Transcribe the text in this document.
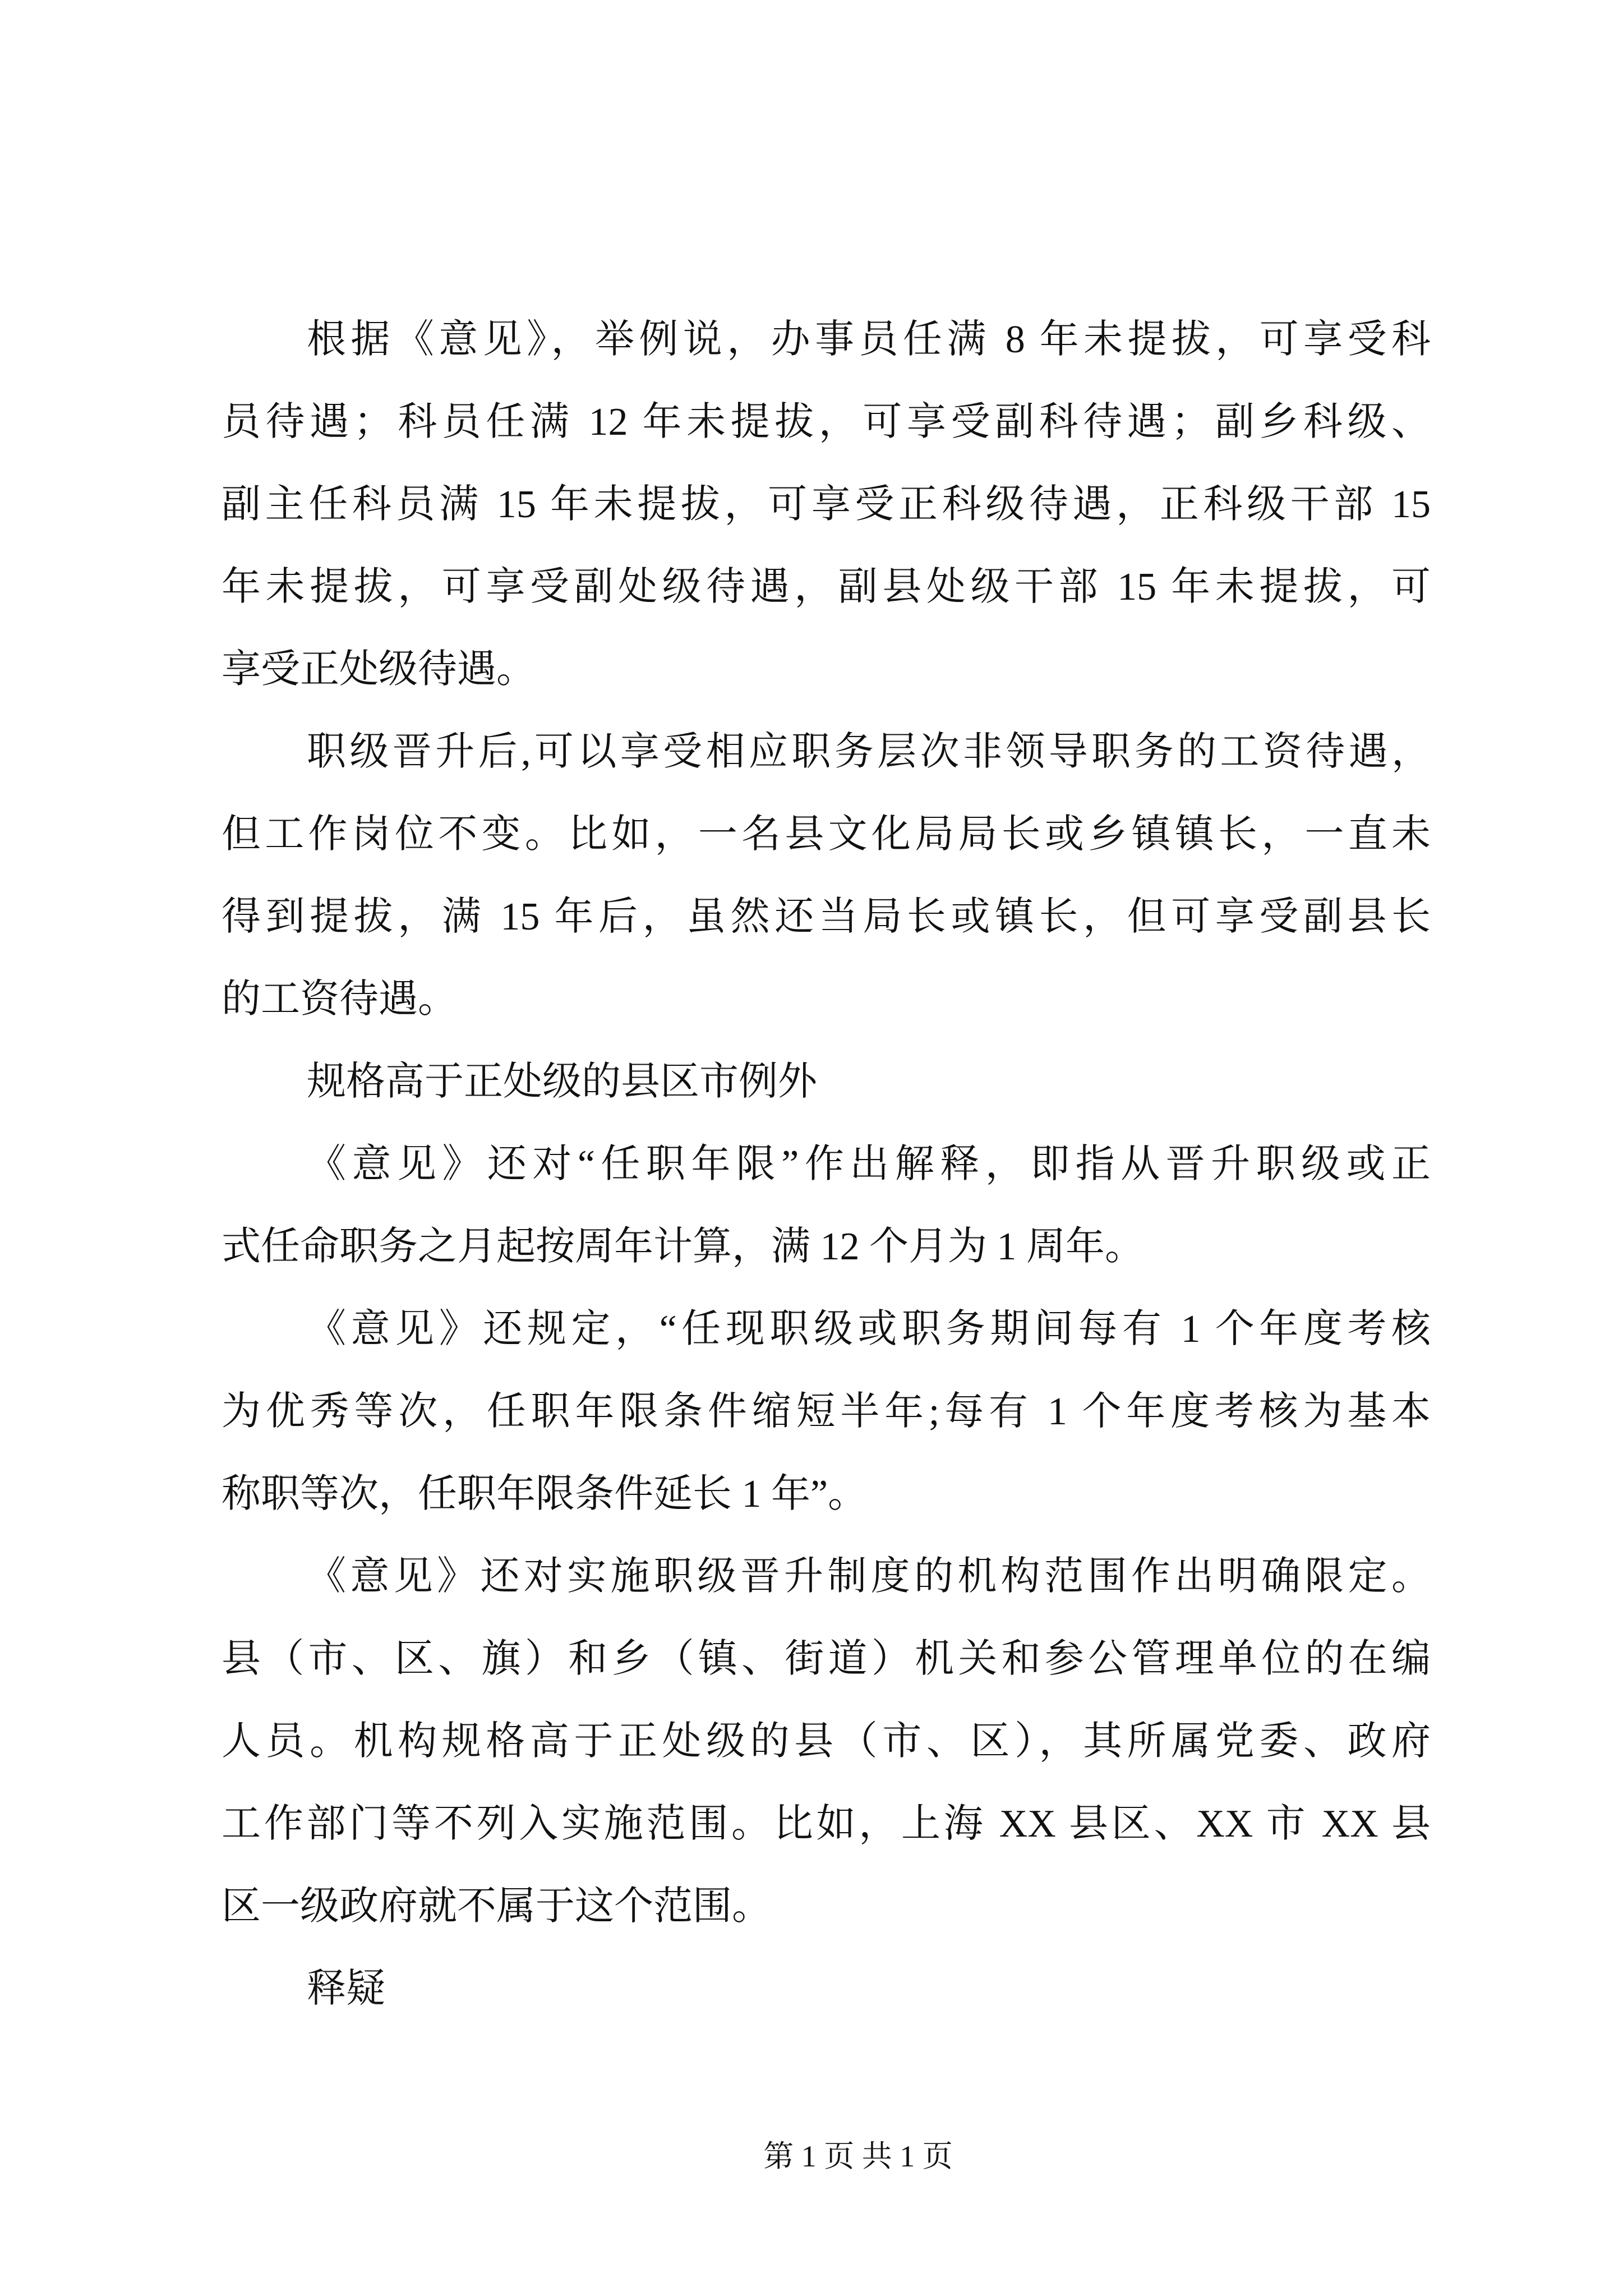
根据《意见》，举例说，办事员任满 8 年未提拔，可享受科
员待遇；科员任满 12 年未提拔，可享受副科待遇；副乡科级、
副主任科员满 15 年未提拔，可享受正科级待遇，正科级干部 15
年未提拔，可享受副处级待遇，副县处级干部 15 年未提拔，可
享受正处级待遇。
职级晋升后,可以享受相应职务层次非领导职务的工资待遇，
但工作岗位不变。比如，一名县文化局局长或乡镇镇长，一直未
得到提拔，满 15 年后，虽然还当局长或镇长，但可享受副县长
的工资待遇。
规格高于正处级的县区市例外
《意见》还对“任职年限”作出解释，即指从晋升职级或正
式任命职务之月起按周年计算，满 12 个月为 1 周年。
《意见》还规定，“任现职级或职务期间每有 1 个年度考核
为优秀等次，任职年限条件缩短半年;每有 1 个年度考核为基本
称职等次，任职年限条件延长 1 年”。
《意见》还对实施职级晋升制度的机构范围作出明确限定。
县（市、区、旗）和乡（镇、街道）机关和参公管理单位的在编
人员。机构规格高于正处级的县（市、区），其所属党委、政府
工作部门等不列入实施范围。比如，上海 XX 县区、XX 市 XX 县
区一级政府就不属于这个范围。
释疑
第 1 页 共 1 页
